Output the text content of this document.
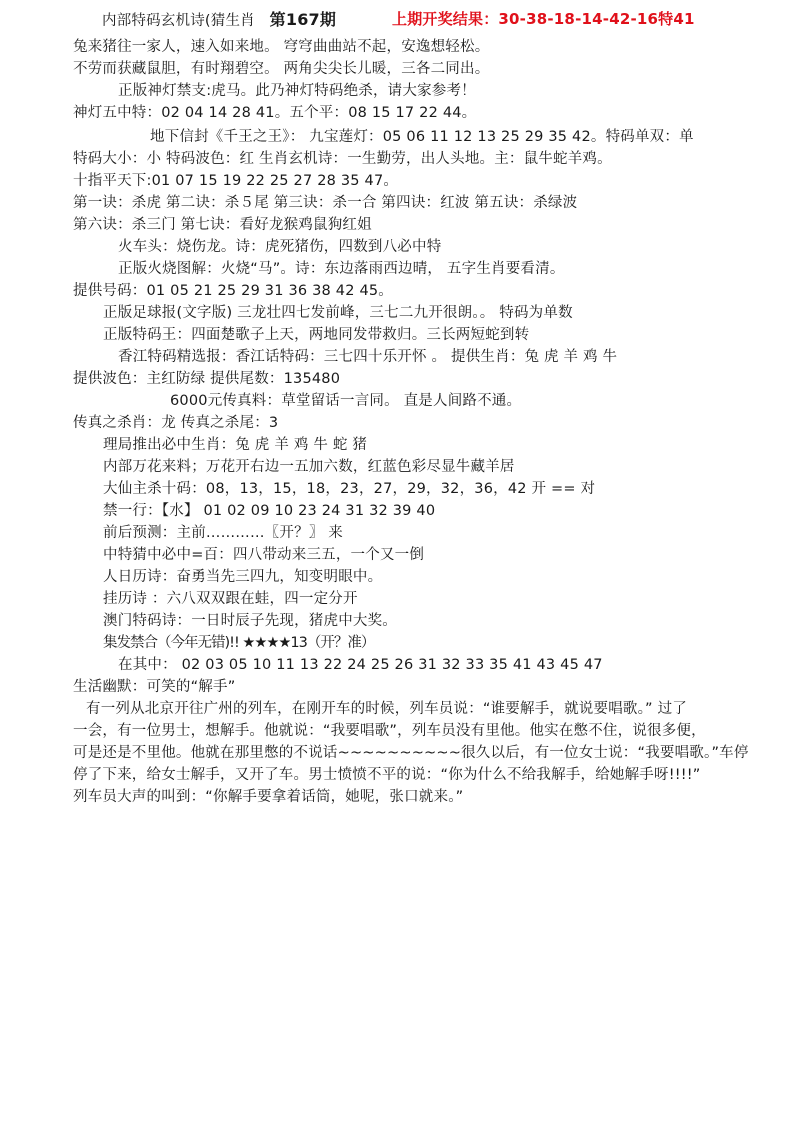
内部特码玄机诗(猜生肖 第167期	上期开奖结果：30-38-18-14-42-16特41
兔来猪往一家人，速入如来地。 穹穹曲曲站不起，安逸想轻松。
不劳而获藏鼠胆，有时翔碧空。 两角尖尖长儿暖，三各二同出。
正版神灯禁支:虎马。此乃神灯特码绝杀，请大家参考！
神灯五中特：02 04 14 28 41。五个平：08 15 17 22 44。
地下信封《千王之王》： 九宝莲灯：05 06 11 12 13 25 29 35 42。特码单双：单
特码大小：小 特码波色：红 生肖玄机诗：一生勤劳，出人头地。主：鼠牛蛇羊鸡。
十指平天下:01 07 15 19 22 25 27 28 35 47。
第一诀：杀虎 第二诀：杀５尾 第三诀：杀一合 第四诀：红波 第五诀：杀绿波
第六诀：杀三门 第七诀：看好龙猴鸡鼠狗红姐
火车头：烧伤龙。诗：虎死猪伤，四数到八必中特
正版火烧图解：火烧“马”。诗：东边落雨西边晴， 五字生肖要看清。
提供号码：01 05 21 25 29 31 36 38 42 45。
正版足球报(文字版) 三龙壮四七发前峰，三七二九开很朗。。 特码为单数
正版特码王：四面楚歌子上天，两地同发带救归。三长两短蛇到转
香江特码精选报：香江话特码：三七四十乐开怀 。 提供生肖：兔 虎 羊 鸡 牛
提供波色：主红防绿 提供尾数：135480
6000元传真料：草堂留话一言同。 直是人间路不通。
传真之杀肖：龙 传真之杀尾：3
理局推出必中生肖：兔 虎 羊 鸡 牛 蛇 猪
内部万花来料；万花开右边一五加六数，红蓝色彩尽显牛藏羊居
大仙主杀十码：08，13，15，18，23，27，29，32，36，42 开 == 对
禁一行：【水】 01 02 09 10 23 24 31 32 39 40
前后预测：主前…………〖开？〗 来
中特猜中必中=百：四八带动来三五，一个又一倒
人日历诗：奋勇当先三四九，知变明眼中。
挂历诗 ：六八双双跟在蛙，四一定分开
澳门特码诗：一日时辰子先现，猪虎中大奖。
集发禁合（今年无错)!! ★★★★13（开？准）
在其中： 02 03 05 10 11 13 22 24 25 26 31 32 33 35 41 43 45 47
生活幽默：可笑的“解手”
有一列从北京开往广州的列车，在刚开车的时候，列车员说：“谁要解手，就说要唱歌。” 过了
一会，有一位男士，想解手。他就说：“我要唱歌”，列车员没有里他。他实在憋不住，说很多便，
可是还是不里他。他就在那里憋的不说话~~~~~~~~~~很久以后，有一位女士说：“我要唱歌。”车停
停了下来，给女士解手，又开了车。男士愤愤不平的说：“你为什么不给我解手，给她解手呀!!!!”
列车员大声的叫到：“你解手要拿着话筒，她呢，张口就来。”
